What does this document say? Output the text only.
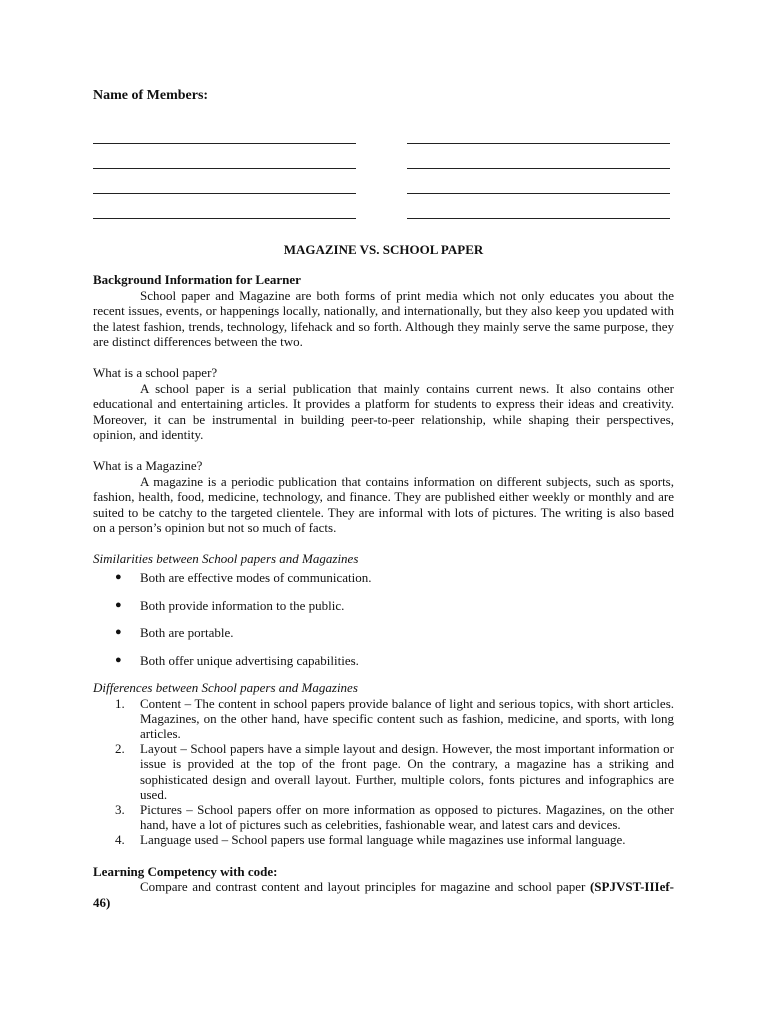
Name of Members:

MAGAZINE VS. SCHOOL PAPER

Background Information for Learner

School paper and Magazine are both forms of print media which not only educates you about the recent issues, events, or happenings locally, nationally, and internationally, but they also keep you updated with the latest fashion, trends, technology, lifehack and so forth. Although they mainly serve the same purpose, they are distinct differences between the two.

What is a school paper?

A school paper is a serial publication that mainly contains current news. It also contains other educational and entertaining articles. It provides a platform for students to express their ideas and creativity. Moreover, it can be instrumental in building peer-to-peer relationship, while shaping their perspectives, opinion, and identity.

What is a Magazine?

A magazine is a periodic publication that contains information on different subjects, such as sports, fashion, health, food, medicine, technology, and finance. They are published either weekly or monthly and are suited to be catchy to the targeted clientele. They are informal with lots of pictures. The writing is also based on a person’s opinion but not so much of facts.

Similarities between School papers and Magazines

● Both are effective modes of communication.
● Both provide information to the public.
● Both are portable.
● Both offer unique advertising capabilities.

Differences between School papers and Magazines

1. Content – The content in school papers provide balance of light and serious topics, with short articles. Magazines, on the other hand, have specific content such as fashion, medicine, and sports, with long articles.
2. Layout – School papers have a simple layout and design. However, the most important information or issue is provided at the top of the front page. On the contrary, a magazine has a striking and sophisticated design and overall layout. Further, multiple colors, fonts pictures and infographics are used.
3. Pictures – School papers offer on more information as opposed to pictures. Magazines, on the other hand, have a lot of pictures such as celebrities, fashionable wear, and latest cars and devices.
4. Language used – School papers use formal language while magazines use informal language.

Learning Competency with code:

Compare and contrast content and layout principles for magazine and school paper (SPJVST-IIIef-46)
